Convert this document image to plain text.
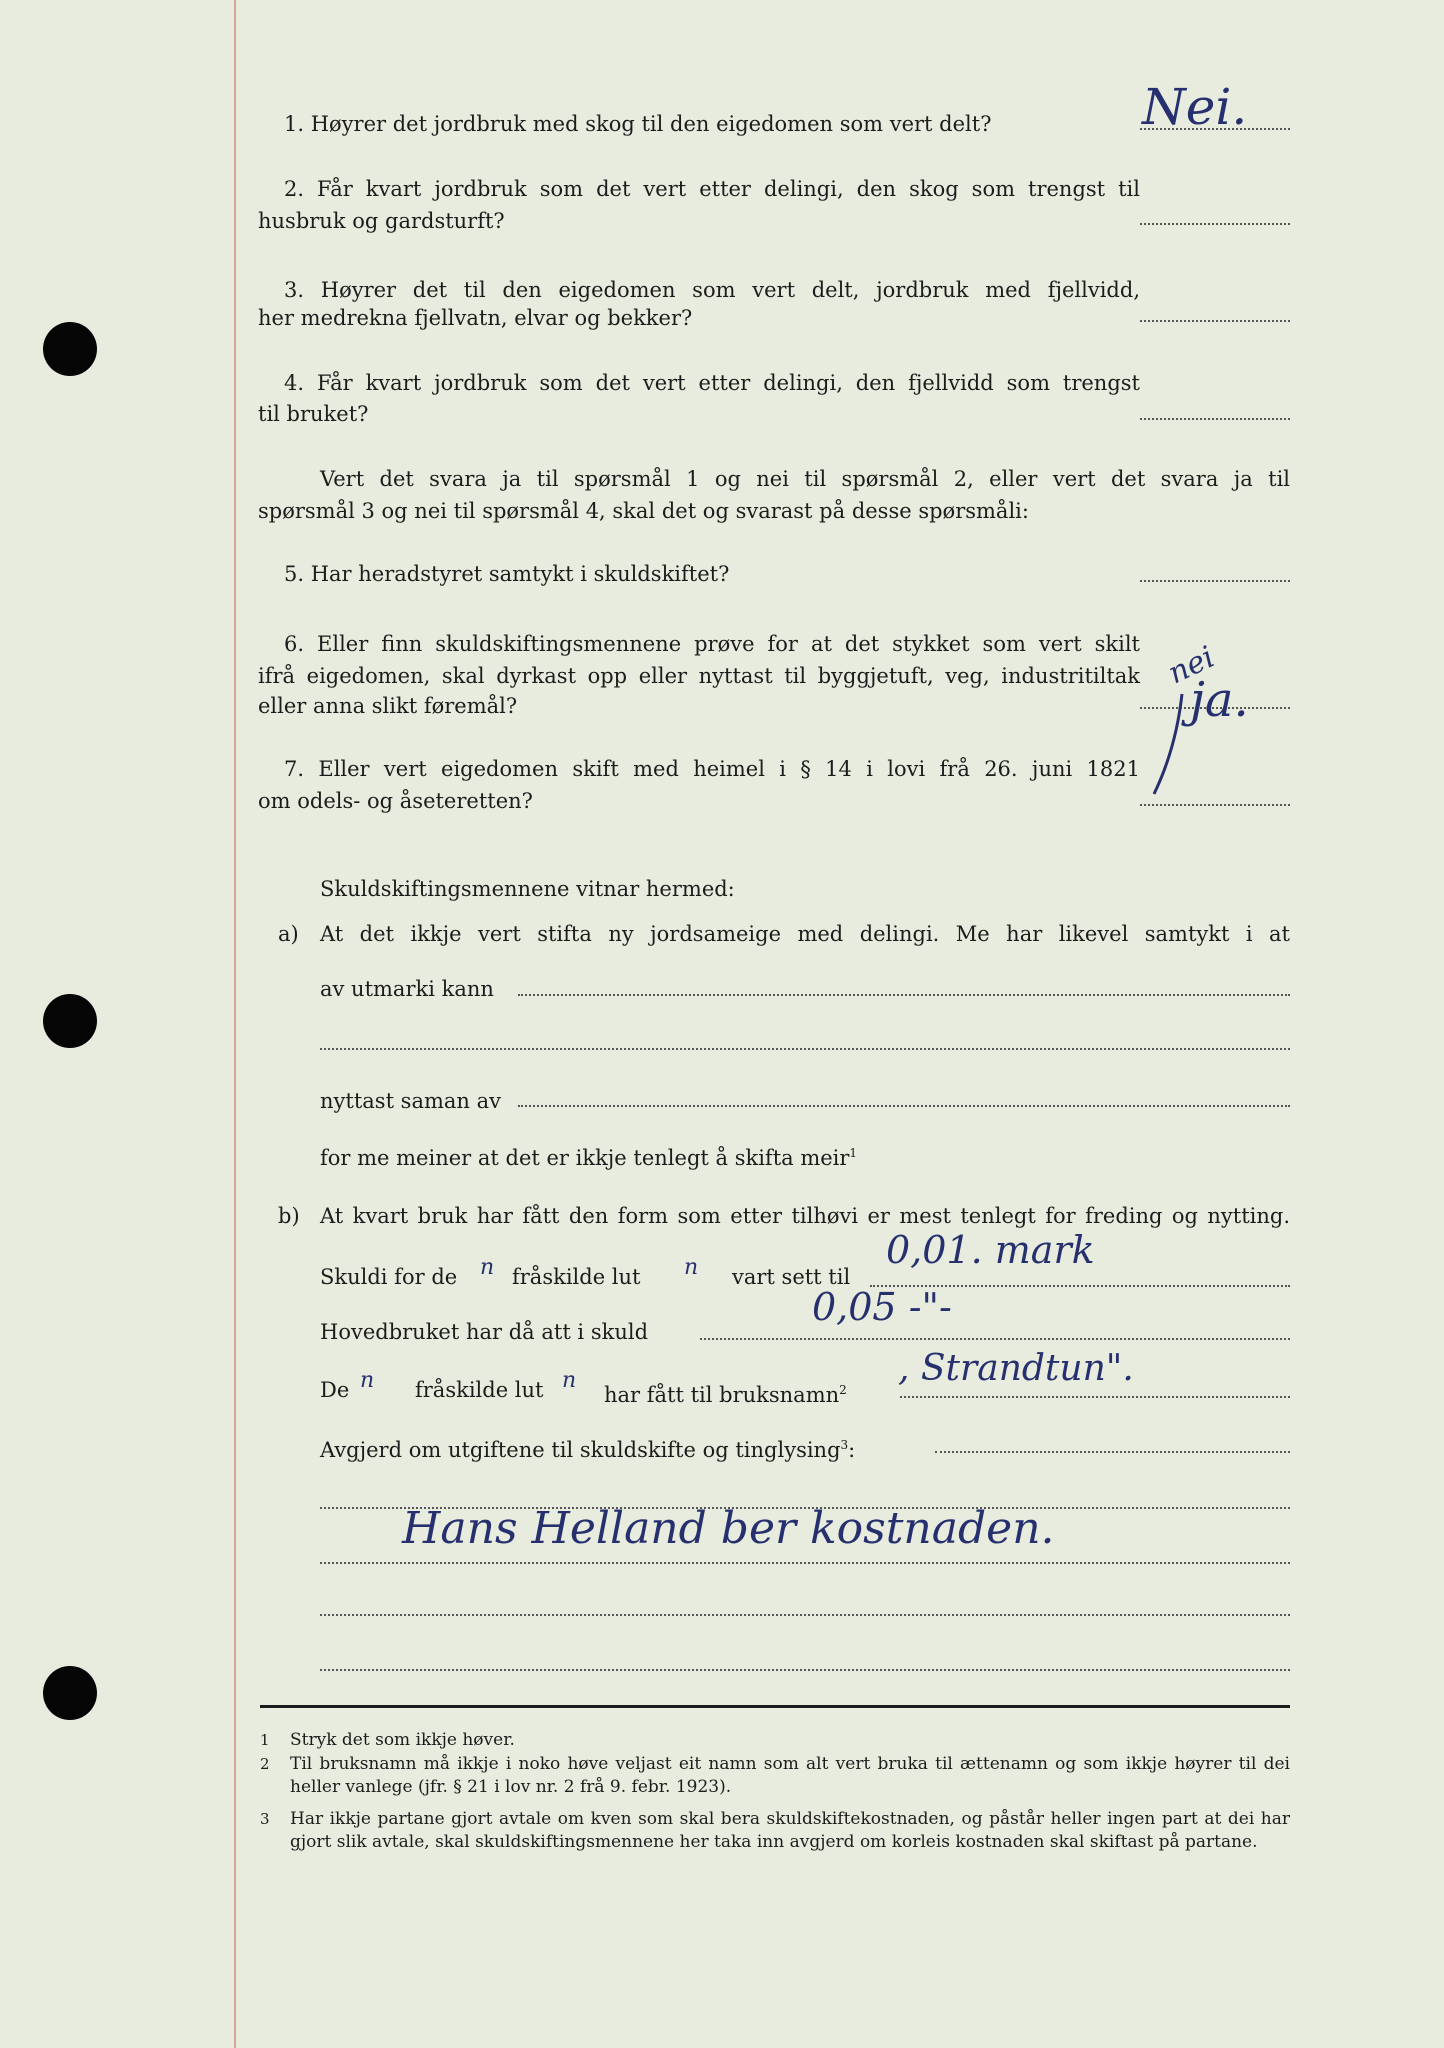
1. Høyrer det jordbruk med skog til den eigedomen som vert delt?	Nei.
2. Får kvart jordbruk som det vert etter delingi, den skog som trengst til
husbruk og gardsturft?
3. Høyrer det til den eigedomen som vert delt, jordbruk med fjellvidd,
her medrekna fjellvatn, elvar og bekker?
4. Får kvart jordbruk som det vert etter delingi, den fjellvidd som trengst
til bruket?
Vert det svara ja til spørsmål 1 og nei til spørsmål 2, eller vert det svara ja til
spørsmål 3 og nei til spørsmål 4, skal det og svarast på desse spørsmåli:
5. Har heradstyret samtykt i skuldskiftet?
6. Eller finn skuldskiftingsmennene prøve for at det stykket som vert skilt
ifrå eigedomen, skal dyrkast opp eller nyttast til byggjetuft, veg, industritiltak
eller anna slikt føremål?
nei
ja.
7. Eller vert eigedomen skift med heimel i § 14 i lovi frå 26. juni 1821
om odels- og åseteretten?
Skuldskiftingsmennene vitnar hermed:
a) At det ikkje vert stifta ny jordsameige med delingi. Me har likevel samtykt i at
av utmarki kann
nyttast saman av
for me meiner at det er ikkje tenlegt å skifta meir$^1$
b) At kvart bruk har fått den form som etter tilhøvi er mest tenlegt for freding og nytting.
Skuldi for de n fråskilde lut n vart sett til
0,01. mark
Hovedbruket har då att i skuld
0,05 -"-
De n fråskilde lut n
har fått til bruksnamn$^2$
, Strandtun".
Avgjerd om utgiftene til skuldskifte og tinglysing$^3$:
Hans Helland ber kostnaden.
1 Stryk det som ikkje høver.
2 Til bruksnamn må ikkje i noko høve veljast eit namn som alt vert bruka til ættenamn og som ikkje høyrer til dei heller vanlege (jfr. § 21 i lov nr. 2 frå 9. febr. 1923).
3 Har ikkje partane gjort avtale om kven som skal bera skuldskiftekostnaden, og påstår heller ingen part at dei har gjort slik avtale, skal skuldskiftingsmennene her taka inn avgjerd om korleis kostnaden skal skiftast på partane.
